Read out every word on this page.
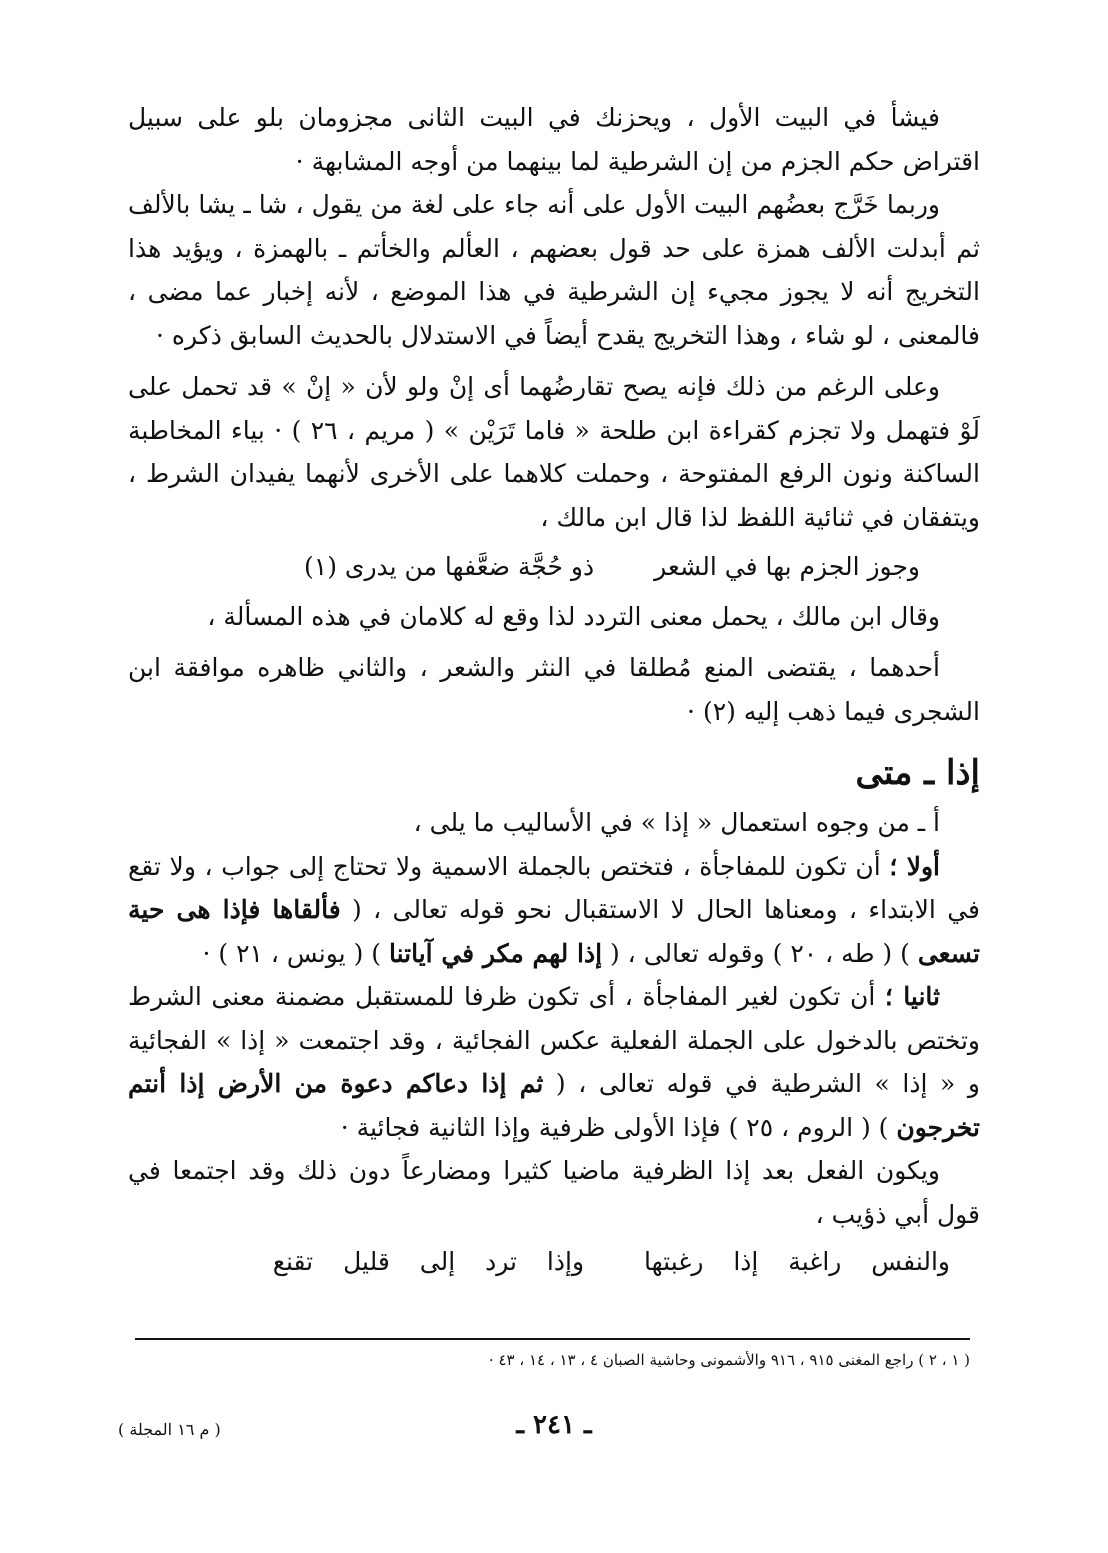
فيشأ في البيت الأول ، ويحزنك في البيت الثانى مجزومان بلو على سبيل اقتراض حكم الجزم من إن الشرطية لما بينهما من أوجه المشابهة ·

وربما خَرَّج بعضُهم البيت الأول على أنه جاء على لغة من يقول ، شا ـ يشا بالألف ثم أبدلت الألف همزة على حد قول بعضهم ، العألم والخأتم ـ بالهمزة ، ويؤيد هذا التخريج أنه لا يجوز مجيء إن الشرطية في هذا الموضع ، لأنه إخبار عما مضى ، فالمعنى ، لو شاء ، وهذا التخريج يقدح أيضاً في الاستدلال بالحديث السابق ذكره ·

وعلى الرغم من ذلك فإنه يصح تقارضُهما أى إنْ ولو لأن « إنْ » قد تحمل على لَوْ فتهمل ولا تجزم كقراءة ابن طلحة « فاما تَرَيْن » ( مريم ، ٢٦ ) · بياء المخاطبة الساكنة ونون الرفع المفتوحة ، وحملت كلاهما على الأخرى لأنهما يفيدان الشرط ، ويتفقان في ثنائية اللفظ لذا قال ابن مالك ،

وجوز الجزم بها في الشعر
ذو حُجَّة ضعَّفها من يدرى (١)

وقال ابن مالك ، يحمل معنى التردد لذا وقع له كلامان في هذه المسألة ،

أحدهما ، يقتضى المنع مُطلقا في النثر والشعر ، والثاني ظاهره موافقة ابن الشجرى فيما ذهب إليه (٢) ·

إذا ـ متى

أ ـ من وجوه استعمال « إذا » في الأساليب ما يلى ،

أولا ؛ أن تكون للمفاجأة ، فتختص بالجملة الاسمية ولا تحتاج إلى جواب ، ولا تقع في الابتداء ، ومعناها الحال لا الاستقبال نحو قوله تعالى ، ( فألقاها فإذا هى حية تسعى ) ( طه ، ٢٠ ) وقوله تعالى ، ( إذا لهم مكر في آياتنا ) ( يونس ، ٢١ ) ·

ثانيا ؛ أن تكون لغير المفاجأة ، أى تكون ظرفا للمستقبل مضمنة معنى الشرط وتختص بالدخول على الجملة الفعلية عكس الفجائية ، وقد اجتمعت « إذا » الفجائية و « إذا » الشرطية في قوله تعالى ، ( ثم إذا دعاكم دعوة من الأرض إذا أنتم تخرجون ) ( الروم ، ٢٥ ) فإذا الأولى ظرفية وإذا الثانية فجائية ·

ويكون الفعل بعد إذا الظرفية ماضيا كثيرا ومضارعاً دون ذلك وقد اجتمعا في قول أبي ذؤيب ،

والنفس راغبة إذا رغبتها
وإذا ترد إلى قليل تقنع

( ١ ، ٢ ) راجع المغنى ٩١٥ ، ٩١٦ والأشمونى وحاشية الصبان ٤ ، ١٣ ، ١٤ ، ٤٣ ·
( م ١٦ المجلة )	ـ ٢٤١ ـ
